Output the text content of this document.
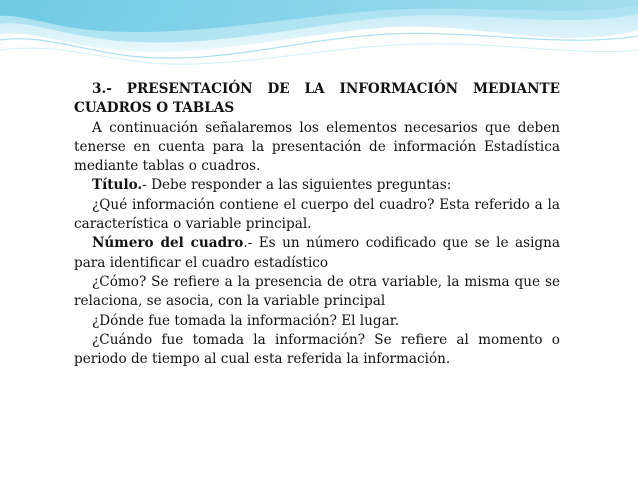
3.- PRESENTACIÓN DE LA INFORMACIÓN MEDIANTE CUADROS O TABLAS

A continuación señalaremos los elementos necesarios que deben tenerse en cuenta para la presentación de información Estadística mediante tablas o cuadros.

Título.- Debe responder a las siguientes preguntas:

¿Qué información contiene el cuerpo del cuadro? Esta referido a la característica o variable principal.

Número del cuadro.- Es un número codificado que se le asigna para identificar el cuadro estadístico

¿Cómo? Se refiere a la presencia de otra variable, la misma que se relaciona, se asocia, con la variable principal

¿Dónde fue tomada la información? El lugar.

¿Cuándo fue tomada la información? Se refiere al momento o periodo de tiempo al cual esta referida la información.
